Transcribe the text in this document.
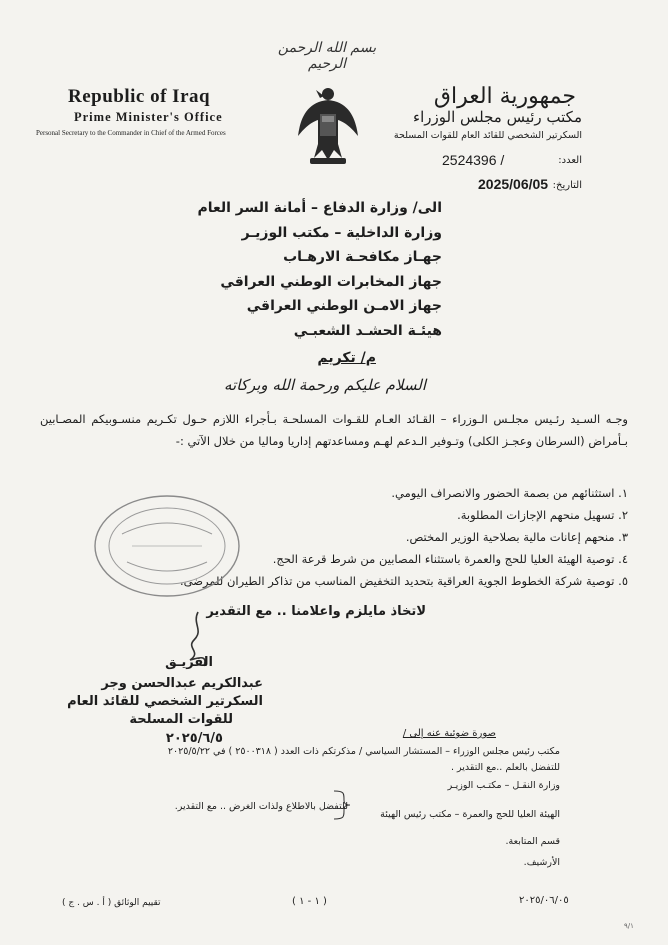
بسم الله الرحمن الرحيم
Republic of Iraq
Prime Minister's Office
Personal Secretary to the Commander in Chief of the Armed Forces
جمهورية العراق
مكتب رئيس مجلس الوزراء
السكرتير الشخصي للقائد العام للقوات المسلحة
العدد:
2524396 /
التاريخ:
2025/06/05
الى/ وزارة الدفاع – أمانة السر العام
وزارة الداخلية – مكتب الوزيـر
جهـاز مكافحـة الارهـاب
جهاز المخابرات الوطني العراقي
جهاز الامـن الوطني العراقي
هيئـة الحشـد الشعبـي
م/ تكريم
السلام عليكم ورحمة الله وبركاته
وجـه السـيد رئـيس مجلـس الـوزراء – القـائد العـام للقـوات المسلحـة بـأجراء اللازم حـول تكـريم منسـوبيكم المصـابين بـأمراض (السرطان وعجـز الكلى) وتـوفير الـدعم لهـم ومساعدتهم إداريا وماليا من خلال الآتي :-
١. استثنائهم من بصمة الحضور والانصراف اليومي.
٢. تسهيل منحهم الإجازات المطلوبة.
٣. منحهم إعانات مالية بصلاحية الوزير المختص.
٤. توصية الهيئة العليا للحج والعمرة باستثناء المصابين من شرط قرعة الحج.
٥. توصية شركة الخطوط الجوية العراقية بتحديد التخفيض المناسب من تذاكر الطيران للمرضى.
لاتخاذ مايلزم واعلامنا .. مع التقدير
الفريـق
عبدالكريم عبدالحسن وجر
السكرتير الشخصي للقائد العام
للقوات المسلحة
٢٠٢٥/٦/٥	صورة ضوئية عنه إلى /
مكتب رئيس مجلس الوزراء – المستشار السياسي / مذكرتكم ذات العدد ( ٢٥٠٠٣١٨ ) في ٢٠٢٥/٥/٢٢
للتفضل بالعلم ..مع التقدير .
وزارة النقـل – مكتـب الوزيـر
للتفضل بالاطلاع ولذات الغرض .. مع التقدير.
الهيئة العليا للحج والعمرة – مكتب رئيس الهيئة
قسم المتابعة.
الأرشيف.
٢٠٢٥/٠٦/٠٥
( ١ - ١ )
تقييم الوثائق ( أ . س . ج )
٩/١
